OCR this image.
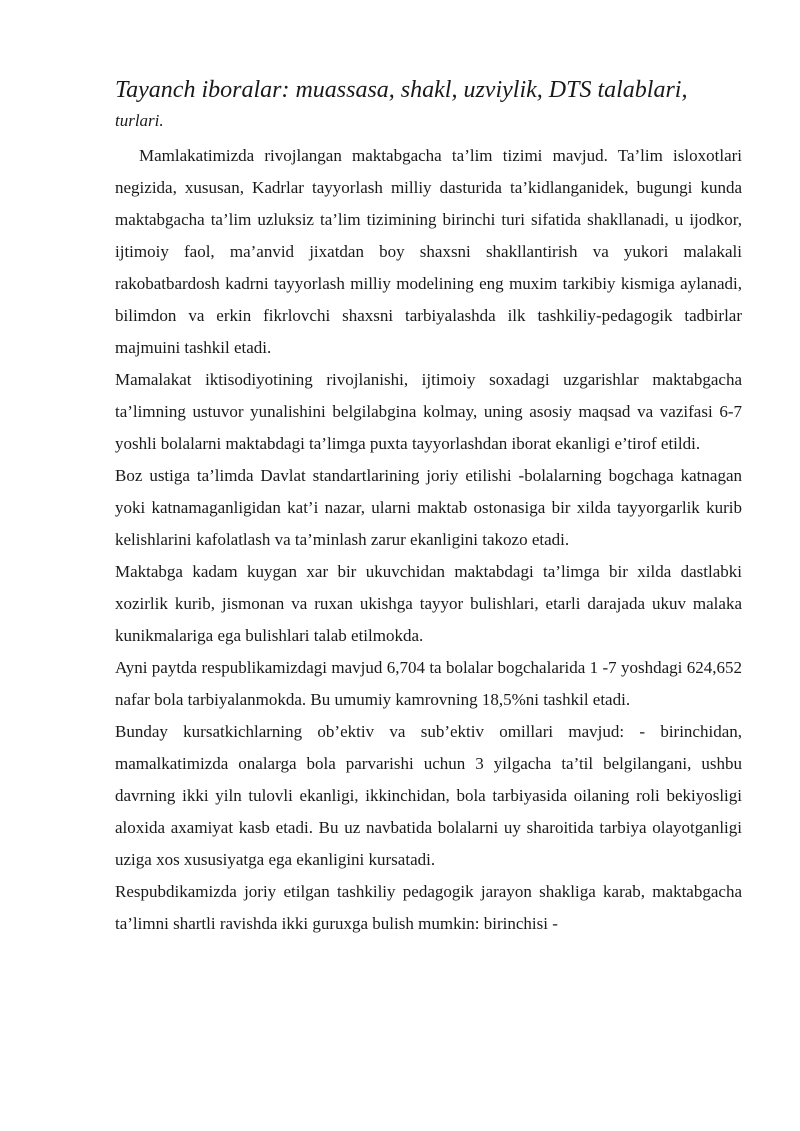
Tayanch iboralar: muassasa, shakl, uzviylik, DTS talablari,

turlari.

Mamlakatimizda rivojlangan maktabgacha ta’lim tizimi mavjud. Ta’lim isloxotlari negizida, xususan, Kadrlar tayyorlash milliy dasturida ta’kidlanganidek, bugungi kunda maktabgacha ta’lim uzluksiz ta’lim tizimining birinchi turi sifatida shakllanadi, u ijodkor, ijtimoiy faol, ma’anvid jixatdan boy shaxsni shakllantirish va yukori malakali rakobatbardosh kadrni tayyorlash milliy modelining eng muxim tarkibiy kismiga aylanadi, bilimdon va erkin fikrlovchi shaxsni tarbiyalashda ilk tashkiliy-pedagogik tadbirlar majmuini tashkil etadi.

Mamalakat iktisodiyotining rivojlanishi, ijtimoiy soxadagi uzgarishlar maktabgacha ta’limning ustuvor yunalishini belgilabgina kolmay, uning asosiy maqsad va vazifasi 6-7 yoshli bolalarni maktabdagi ta’limga puxta tayyorlashdan iborat ekanligi e’tirof etildi.

Boz ustiga ta’limda Davlat standartlarining joriy etilishi -bolalarning bogchaga katnagan yoki katnamaganligidan kat’i nazar, ularni maktab ostonasiga bir xilda tayyorgarlik kurib kelishlarini kafolatlash va ta’minlash zarur ekanligini takozo etadi.

Maktabga kadam kuygan xar bir ukuvchidan maktabdagi ta’limga bir xilda dastlabki xozirlik kurib, jismonan va ruxan ukishga tayyor bulishlari, etarli darajada ukuv malaka kunikmalariga ega bulishlari talab etilmokda.

Ayni paytda respublikamizdagi mavjud 6,704 ta bolalar bogchalarida 1 -7 yoshdagi 624,652 nafar bola tarbiyalanmokda. Bu umumiy kamrovning 18,5%ni tashkil etadi.

Bunday kursatkichlarning ob’ektiv va sub’ektiv omillari mavjud: - birinchidan, mamalkatimizda onalarga bola parvarishi uchun 3 yilgacha ta’til belgilangani, ushbu davrning ikki yiln tulovli ekanligi, ikkinchidan, bola tarbiyasida oilaning roli bekiyosligi aloxida axamiyat kasb etadi. Bu uz navbatida bolalarni uy sharoitida tarbiya olayotganligi uziga xos xususiyatga ega ekanligini kursatadi.

Respubdikamizda joriy etilgan tashkiliy pedagogik jarayon shakliga karab, maktabgacha ta’limni shartli ravishda ikki guruxga bulish mumkin: birinchisi -
